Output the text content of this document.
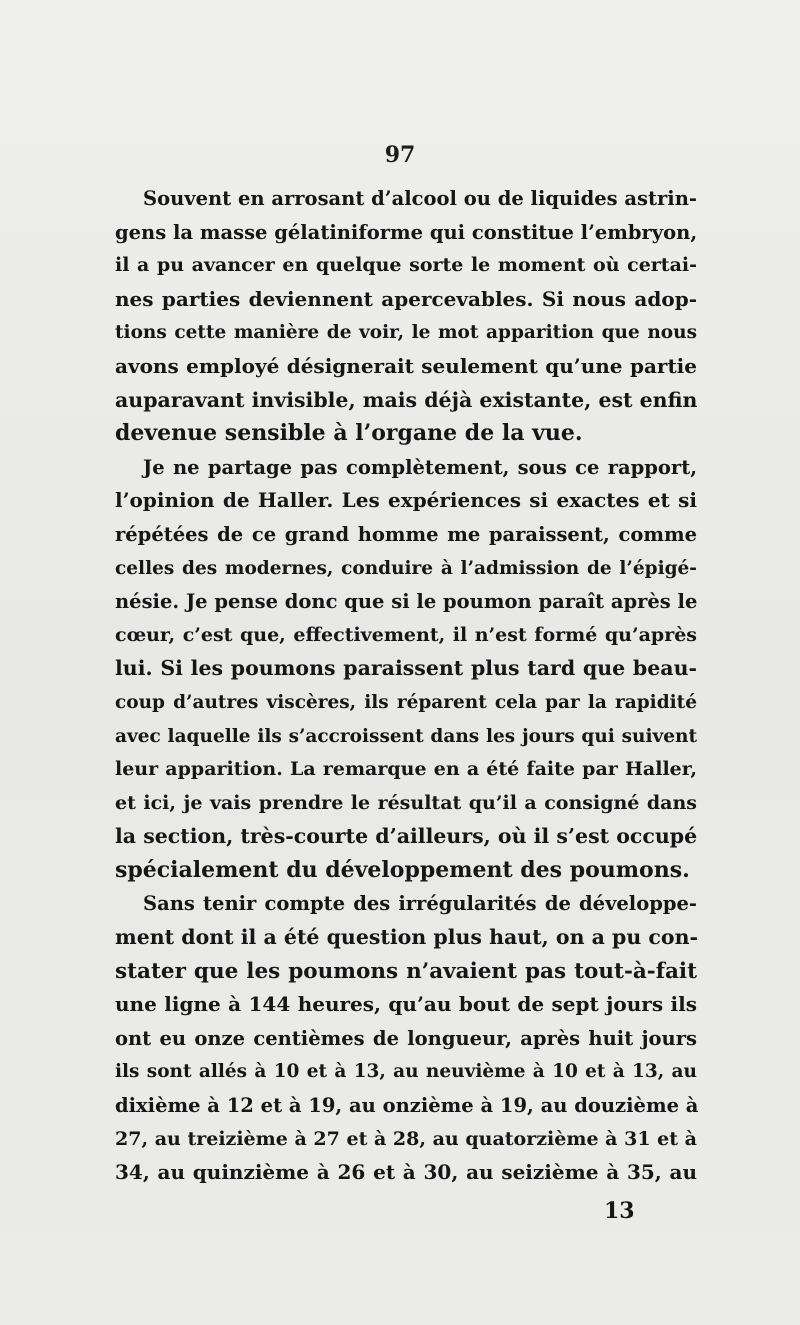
97
Souvent en arrosant d’alcool ou de liquides astrin-
gens la masse gélatiniforme qui constitue l’embryon,
il a pu avancer en quelque sorte le moment où certai-
nes parties deviennent apercevables. Si nous adop-
tions cette manière de voir, le mot apparition que nous
avons employé désignerait seulement qu’une partie
auparavant invisible, mais déjà existante, est enfin
devenue sensible à l’organe de la vue.
Je ne partage pas complètement, sous ce rapport,
l’opinion de Haller. Les expériences si exactes et si
répétées de ce grand homme me paraissent, comme
celles des modernes, conduire à l’admission de l’épigé-
nésie. Je pense donc que si le poumon paraît après le
cœur, c’est que, effectivement, il n’est formé qu’après
lui. Si les poumons paraissent plus tard que beau-
coup d’autres viscères, ils réparent cela par la rapidité
avec laquelle ils s’accroissent dans les jours qui suivent
leur apparition. La remarque en a été faite par Haller,
et ici, je vais prendre le résultat qu’il a consigné dans
la section, très-courte d’ailleurs, où il s’est occupé
spécialement du développement des poumons.
Sans tenir compte des irrégularités de développe-
ment dont il a été question plus haut, on a pu con-
stater que les poumons n’avaient pas tout-à-fait
une ligne à 144 heures, qu’au bout de sept jours ils
ont eu onze centièmes de longueur, après huit jours
ils sont allés à 10 et à 13, au neuvième à 10 et à 13, au
dixième à 12 et à 19, au onzième à 19, au douzième à
27, au treizième à 27 et à 28, au quatorzième à 31 et à
34, au quinzième à 26 et à 30, au seizième à 35, au
13
